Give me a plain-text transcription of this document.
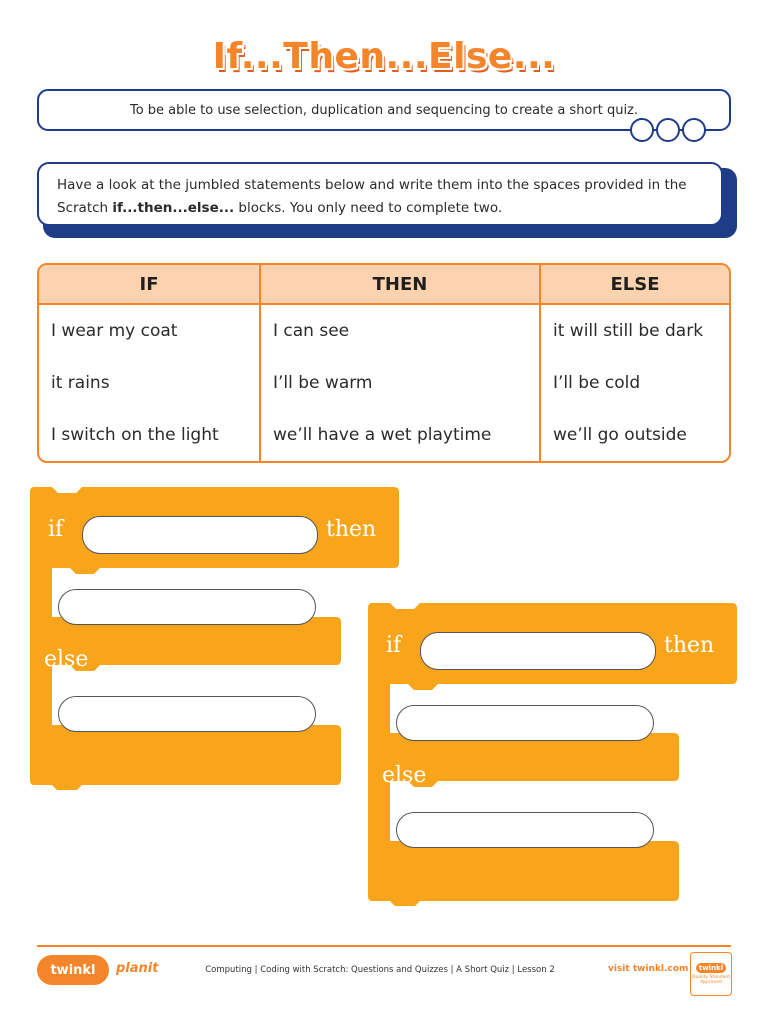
If...Then...Else...
To be able to use selection, duplication and sequencing to create a short quiz.
Have a look at the jumbled statements below and write them into the spaces provided in the Scratch if...then...else... blocks. You only need to complete two.
IF	THEN	ELSE
I wear my coat	I can see	it will still be dark
it rains	I’ll be warm	I’ll be cold
I switch on the light	we’ll have a wet playtime	we’ll go outside
if	then
else
if	then
else
twinkl	planit	Computing | Coding with Scratch: Questions and Quizzes | A Short Quiz | Lesson 2	visit twinkl.com	twinkl
Quality Standard Approved
